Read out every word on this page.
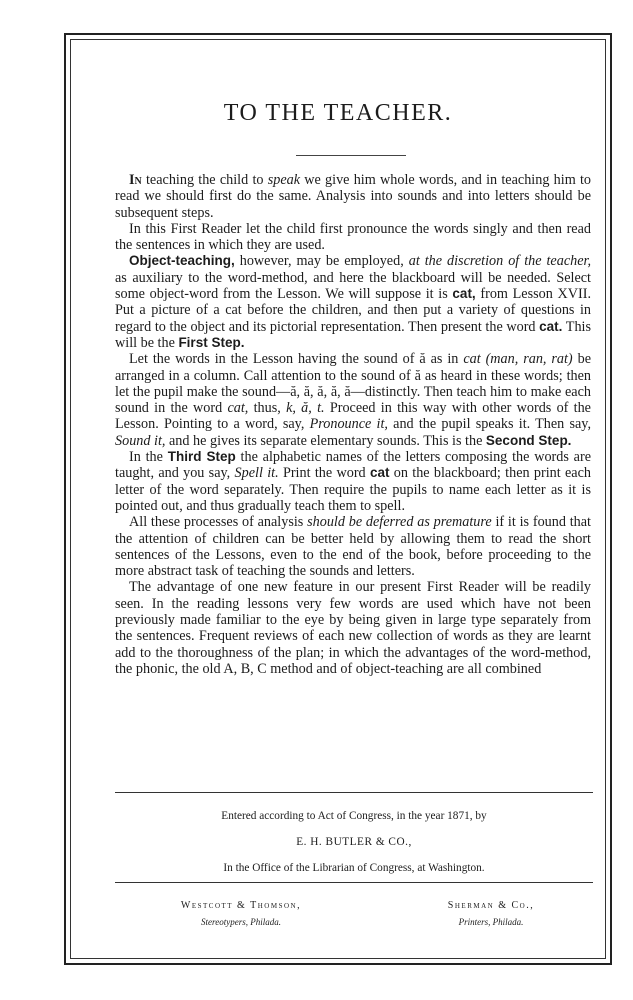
TO THE TEACHER.

In teaching the child to speak we give him whole words, and in teaching him to read we should first do the same. Analysis into sounds and into letters should be subsequent steps.

In this First Reader let the child first pronounce the words singly and then read the sentences in which they are used.

Object-teaching, however, may be employed, at the discretion of the teacher, as auxiliary to the word-method, and here the blackboard will be needed. Select some object-word from the Lesson. We will suppose it is cat, from Lesson XVII. Put a picture of a cat before the children, and then put a variety of questions in regard to the object and its pictorial representation. Then present the word cat. This will be the First Step.

Let the words in the Lesson having the sound of ă as in cat (man, ran, rat) be arranged in a column. Call attention to the sound of ă as heard in these words; then let the pupil make the sound—ă, ă, ă, ă, ă—distinctly. Then teach him to make each sound in the word cat, thus, k, ă, t. Proceed in this way with other words of the Lesson. Pointing to a word, say, Pronounce it, and the pupil speaks it. Then say, Sound it, and he gives its separate elementary sounds. This is the Second Step.

In the Third Step the alphabetic names of the letters composing the words are taught, and you say, Spell it. Print the word cat on the blackboard; then print each letter of the word separately. Then require the pupils to name each letter as it is pointed out, and thus gradually teach them to spell.

All these processes of analysis should be deferred as premature if it is found that the attention of children can be better held by allowing them to read the short sentences of the Lessons, even to the end of the book, before proceeding to the more abstract task of teaching the sounds and letters.

The advantage of one new feature in our present First Reader will be readily seen. In the reading lessons very few words are used which have not been previously made familiar to the eye by being given in large type separately from the sentences. Frequent reviews of each new collection of words as they are learnt add to the thoroughness of the plan; in which the advantages of the word-method, the phonic, the old A, B, C method and of object-teaching are all combined

Entered according to Act of Congress, in the year 1871, by
E. H. BUTLER & CO.,
In the Office of the Librarian of Congress, at Washington.
Westcott & Thomson,
Stereotypers, Philada.
Sherman & Co.,
Printers, Philada.
